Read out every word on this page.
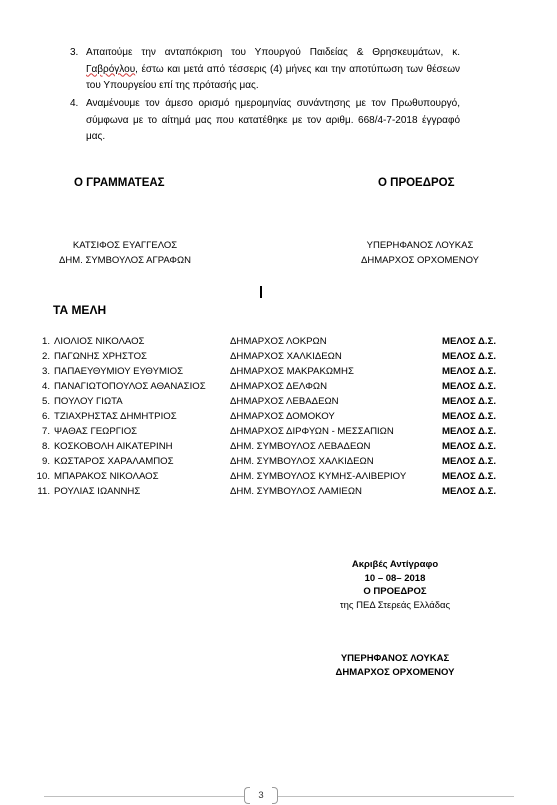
3. Απαιτούμε την ανταπόκριση του Υπουργού Παιδείας & Θρησκευμάτων, κ. Γαβρόγλου, έστω και μετά από τέσσερις (4) μήνες και την αποτύπωση των θέσεων του Υπουργείου επί της πρότασής μας.
4. Αναμένουμε τον άμεσο ορισμό ημερομηνίας συνάντησης με τον Πρωθυπουργό, σύμφωνα με το αίτημά μας που κατατέθηκε με τον αριθμ. 668/4-7-2018 έγγραφό μας.
Ο ΓΡΑΜΜΑΤΕΑΣ	Ο ΠΡΟΕΔΡΟΣ
ΚΑΤΣΙΦΟΣ ΕΥΑΓΓΕΛΟΣ
ΔΗΜ. ΣΥΜΒΟΥΛΟΣ ΑΓΡΑΦΩΝ
ΥΠΕΡΗΦΑΝΟΣ ΛΟΥΚΑΣ
ΔΗΜΑΡΧΟΣ ΟΡΧΟΜΕΝΟΥ
ΤΑ ΜΕΛΗ
1. ΛΙΟΛΙΟΣ ΝΙΚΟΛΑΟΣ	ΔΗΜΑΡΧΟΣ ΛΟΚΡΩΝ	ΜΕΛΟΣ Δ.Σ.
2. ΠΑΓΩΝΗΣ ΧΡΗΣΤΟΣ	ΔΗΜΑΡΧΟΣ ΧΑΛΚΙΔΕΩΝ	ΜΕΛΟΣ Δ.Σ.
3. ΠΑΠΑΕΥΘΥΜΙΟΥ ΕΥΘΥΜΙΟΣ	ΔΗΜΑΡΧΟΣ ΜΑΚΡΑΚΩΜΗΣ	ΜΕΛΟΣ Δ.Σ.
4. ΠΑΝΑΓΙΩΤΟΠΟΥΛΟΣ ΑΘΑΝΑΣΙΟΣ	ΔΗΜΑΡΧΟΣ ΔΕΛΦΩΝ	ΜΕΛΟΣ Δ.Σ.
5. ΠΟΥΛΟΥ ΓΙΩΤΑ	ΔΗΜΑΡΧΟΣ ΛΕΒΑΔΕΩΝ	ΜΕΛΟΣ Δ.Σ.
6. ΤΖΙΑΧΡΗΣΤΑΣ ΔΗΜΗΤΡΙΟΣ	ΔΗΜΑΡΧΟΣ ΔΟΜΟΚΟΥ	ΜΕΛΟΣ Δ.Σ.
7. ΨΑΘΑΣ ΓΕΩΡΓΙΟΣ	ΔΗΜΑΡΧΟΣ ΔΙΡΦΥΩΝ - ΜΕΣΣΑΠΙΩΝ	ΜΕΛΟΣ Δ.Σ.
8. ΚΟΣΚΟΒΟΛΗ ΑΙΚΑΤΕΡΙΝΗ	ΔΗΜ. ΣΥΜΒΟΥΛΟΣ ΛΕΒΑΔΕΩΝ	ΜΕΛΟΣ Δ.Σ.
9. ΚΩΣΤΑΡΟΣ ΧΑΡΑΛΑΜΠΟΣ	ΔΗΜ. ΣΥΜΒΟΥΛΟΣ ΧΑΛΚΙΔΕΩΝ	ΜΕΛΟΣ Δ.Σ.
10. ΜΠΑΡΑΚΟΣ ΝΙΚΟΛΑΟΣ	ΔΗΜ. ΣΥΜΒΟΥΛΟΣ ΚΥΜΗΣ-ΑΛΙΒΕΡΙΟΥ	ΜΕΛΟΣ Δ.Σ.
11. ΡΟΥΛΙΑΣ ΙΩΑΝΝΗΣ	ΔΗΜ. ΣΥΜΒΟΥΛΟΣ ΛΑΜΙΕΩΝ	ΜΕΛΟΣ Δ.Σ.
Ακριβές Αντίγραφο
10 – 08– 2018
Ο ΠΡΟΕΔΡΟΣ
της ΠΕΔ Στερεάς Ελλάδας
ΥΠΕΡΗΦΑΝΟΣ ΛΟΥΚΑΣ
ΔΗΜΑΡΧΟΣ ΟΡΧΟΜΕΝΟΥ
3
